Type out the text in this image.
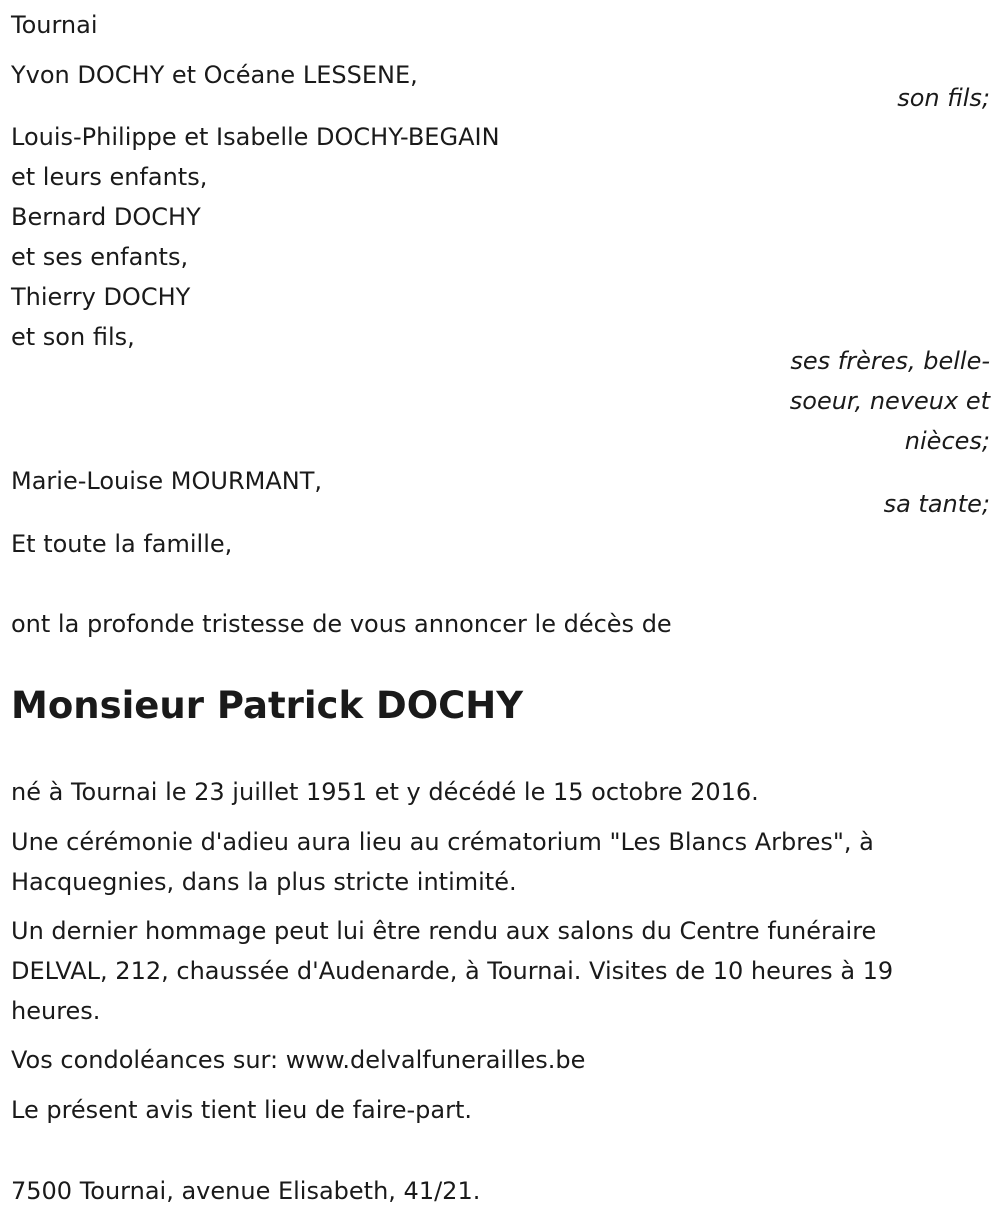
Tournai

Yvon DOCHY et Océane LESSENE,

son fils;

Louis-Philippe et Isabelle DOCHY-BEGAIN

et leurs enfants,

Bernard DOCHY

et ses enfants,

Thierry DOCHY

et son fils,

ses frères, belle-

soeur, neveux et

nièces;

Marie-Louise MOURMANT,

sa tante;

Et toute la famille,

ont la profonde tristesse de vous annoncer le décès de

Monsieur Patrick DOCHY

né à Tournai le 23 juillet 1951 et y décédé le 15 octobre 2016.

Une cérémonie d'adieu aura lieu au crématorium "Les Blancs Arbres", à

Hacquegnies, dans la plus stricte intimité.

Un dernier hommage peut lui être rendu aux salons du Centre funéraire

DELVAL, 212, chaussée d'Audenarde, à Tournai. Visites de 10 heures à 19

heures.

Vos condoléances sur: www.delvalfunerailles.be

Le présent avis tient lieu de faire-part.

7500 Tournai, avenue Elisabeth, 41/21.
